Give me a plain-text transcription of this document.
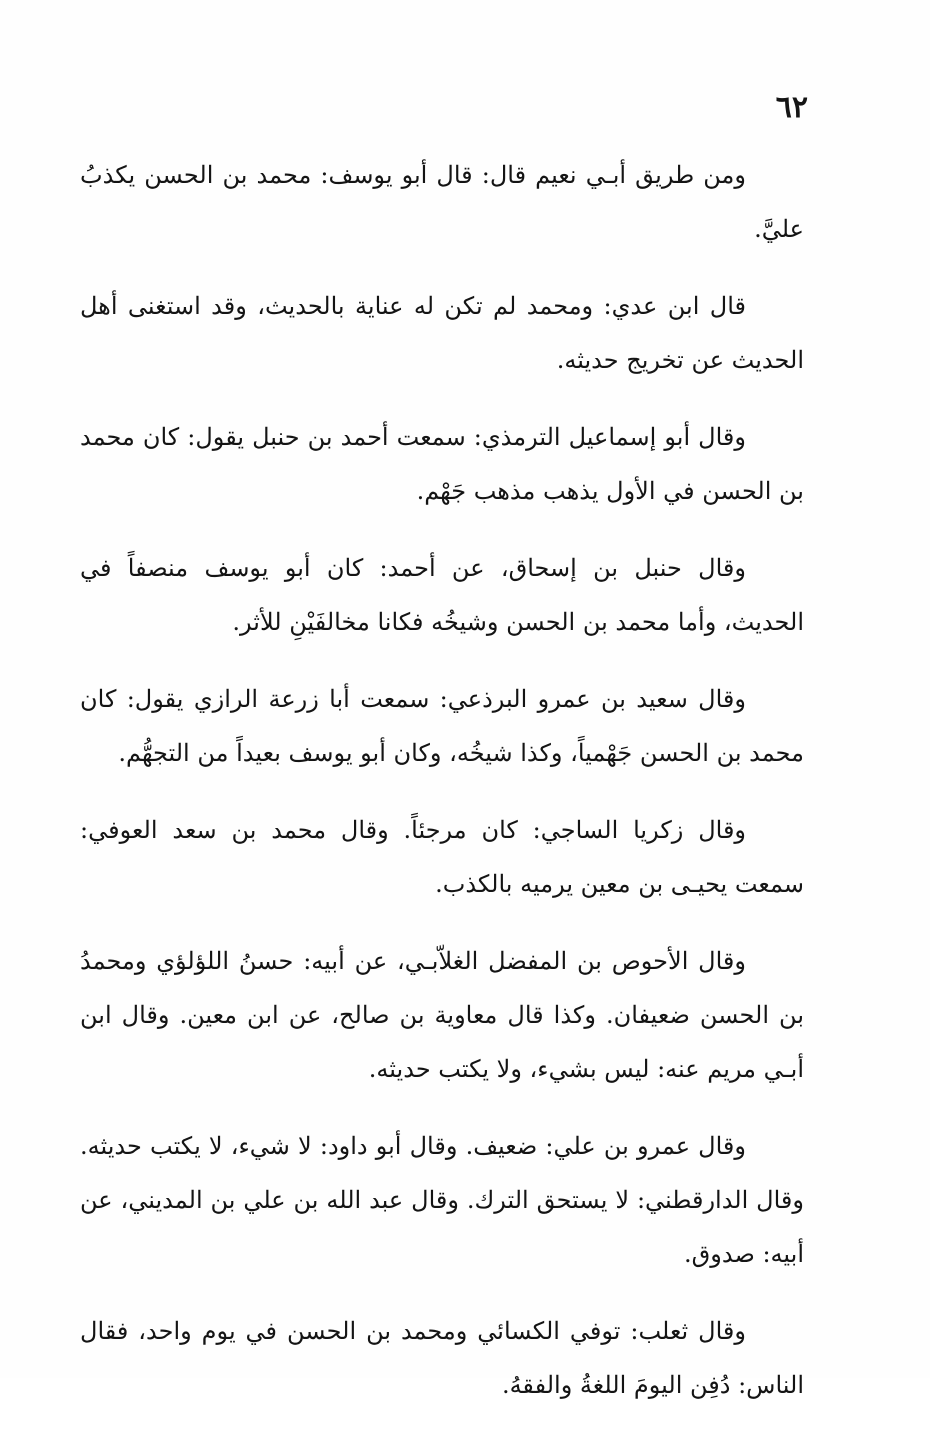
٦٢

ومن طريق أبـي نعيم قال: قال أبو يوسف: محمد بن الحسن يكذبُ عليَّ.

قال ابن عدي: ومحمد لم تكن له عناية بالحديث، وقد استغنى أهل الحديث عن تخريج حديثه.

وقال أبو إسماعيل الترمذي: سمعت أحمد بن حنبل يقول: كان محمد بن الحسن في الأول يذهب مذهب جَهْم.

وقال حنبل بن إسحاق، عن أحمد: كان أبو يوسف منصفاً في الحديث، وأما محمد بن الحسن وشيخُه فكانا مخالفَيْنِ للأثر.

وقال سعيد بن عمرو البرذعي: سمعت أبا زرعة الرازي يقول: كان محمد بن الحسن جَهْمياً، وكذا شيخُه، وكان أبو يوسف بعيداً من التجهُّم.

وقال زكريا الساجي: كان مرجئاً. وقال محمد بن سعد العوفي: سمعت يحيـى بن معين يرميه بالكذب.

وقال الأحوص بن المفضل الغلاّبـي، عن أبيه: حسنُ اللؤلؤي ومحمدُ بن الحسن ضعيفان. وكذا قال معاوية بن صالح، عن ابن معين. وقال ابن أبـي مريم عنه: ليس بشيء، ولا يكتب حديثه.

وقال عمرو بن علي: ضعيف. وقال أبو داود: لا شيء، لا يكتب حديثه. وقال الدارقطني: لا يستحق الترك. وقال عبد الله بن علي بن المديني، عن أبيه: صدوق.

وقال ثعلب: توفي الكسائي ومحمد بن الحسن في يوم واحد، فقال الناس: دُفِن اليومَ اللغةُ والفقهُ.
